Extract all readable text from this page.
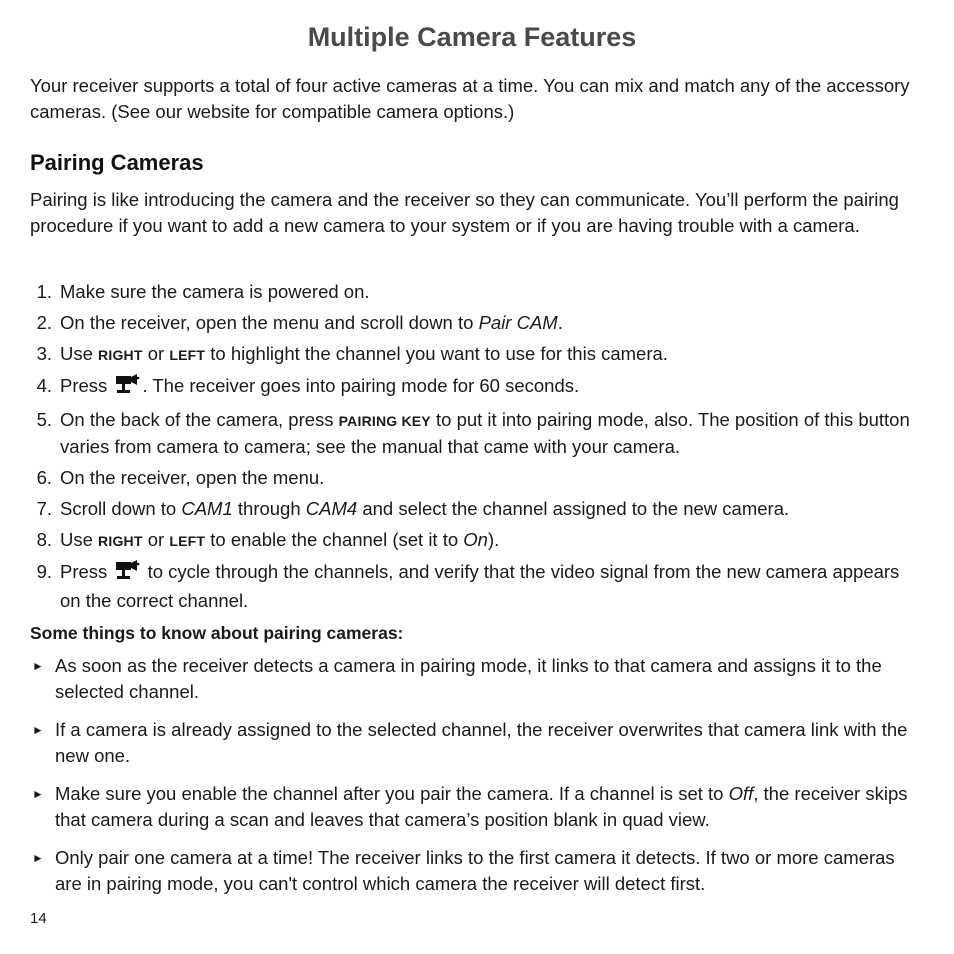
Multiple Camera Features

Your receiver supports a total of four active cameras at a time. You can mix and match any of the accessory cameras. (See our website for compatible camera options.)

Pairing Cameras

Pairing is like introducing the camera and the receiver so they can communicate. You’ll perform the pairing procedure if you want to add a new camera to your system or if you are having trouble with a camera.

1. Make sure the camera is powered on.
2. On the receiver, open the menu and scroll down to Pair CAM.
3. Use RIGHT or LEFT to highlight the channel you want to use for this camera.
4. Press . The receiver goes into pairing mode for 60 seconds.
5. On the back of the camera, press PAIRING KEY to put it into pairing mode, also. The position of this button varies from camera to camera; see the manual that came with your camera.
6. On the receiver, open the menu.
7. Scroll down to CAM1 through CAM4 and select the channel assigned to the new camera.
8. Use RIGHT or LEFT to enable the channel (set it to On).
9. Press  to cycle through the channels, and verify that the video signal from the new camera appears on the correct channel.
Some things to know about pairing cameras:
► As soon as the receiver detects a camera in pairing mode, it links to that camera and assigns it to the selected channel.
► If a camera is already assigned to the selected channel, the receiver overwrites that camera link with the new one.
► Make sure you enable the channel after you pair the camera. If a channel is set to Off, the receiver skips that camera during a scan and leaves that camera’s position blank in quad view.
► Only pair one camera at a time! The receiver links to the first camera it detects. If two or more cameras are in pairing mode, you can't control which camera the receiver will detect first.
14
